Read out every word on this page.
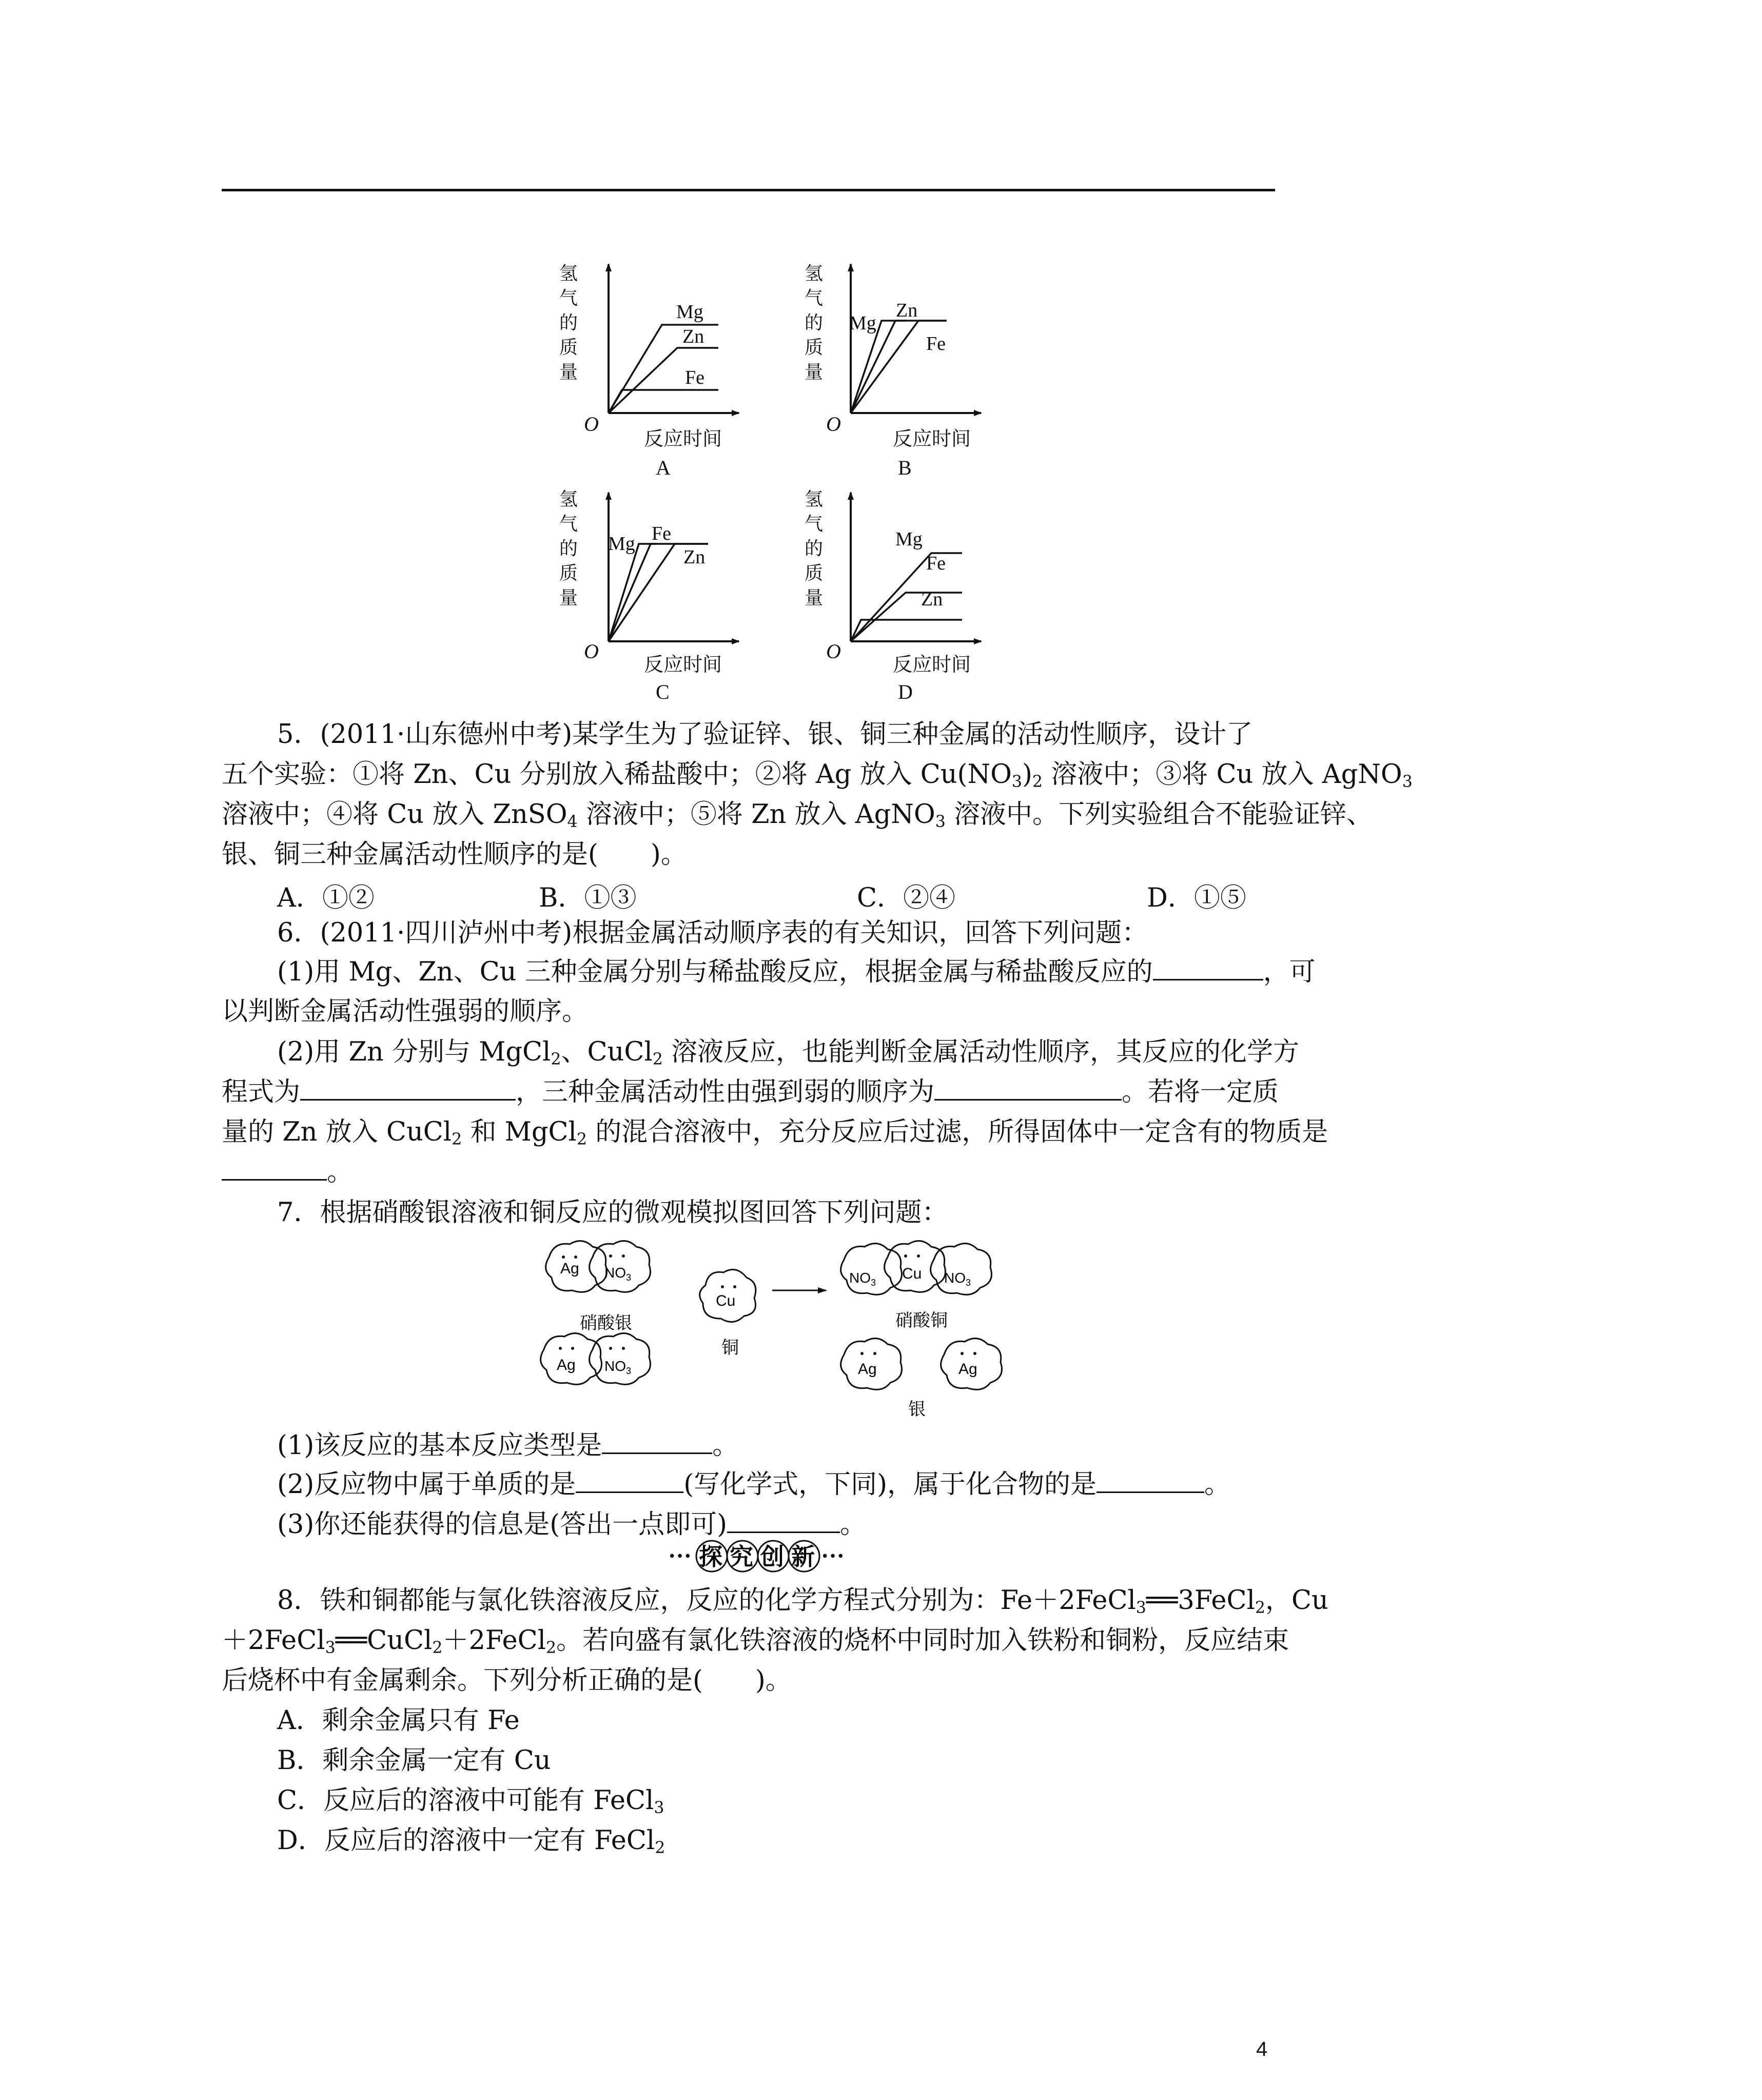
氢 气 的 质 量
O
反应时间
A
Mg
Zn
Fe
氢 气 的 质 量
O
反应时间
B
Mg
Zn
Fe
氢 气 的 质 量
O
反应时间
C
Mg Fe
Zn
氢 气 的 质 量
O
反应时间
D
Mg
Fe
Zn
5．(2011·山东德州中考)某学生为了验证锌、银、铜三种金属的活动性顺序，设计了
五个实验：①将 Zn、Cu 分别放入稀盐酸中；②将 Ag 放入 $Cu(NO_3)_2$ 溶液中；③将 Cu 放入 AgNO$_3$
溶液中；④将 Cu 放入 ZnSO$_4$ 溶液中；⑤将 Zn 放入 AgNO$_3$ 溶液中。下列实验组合不能验证锌、
银、铜三种金属活动性顺序的是(　　)。
A．①②	B．①③	C．②④	D．①⑤
6．(2011·四川泸州中考)根据金属活动顺序表的有关知识，回答下列问题：
(1)用 Mg、Zn、Cu 三种金属分别与稀盐酸反应，根据金属与稀盐酸反应的	，可
以判断金属活动性强弱的顺序。
(2)用 Zn 分别与 MgCl$_2$、CuCl$_2$ 溶液反应，也能判断金属活动性顺序，其反应的化学方
程式为	，三种金属活动性由强到弱的顺序为	。若将一定质
量的 Zn 放入 CuCl$_2$ 和 MgCl$_2$ 的混合溶液中，充分反应后过滤，所得固体中一定含有的物质是
。
7．根据硝酸银溶液和铜反应的微观模拟图回答下列问题：
Ag $NO_3$
硝酸银
Ag $NO_3$
Cu
铜
$NO_3$
Cu $NO_3$
硝酸铜
Ag	Ag
银
(1)该反应的基本反应类型是	。
(2)反应物中属于单质的是	(写化学式，下同)，属于化合物的是	。
(3)你还能获得的信息是(答出一点即可)	。
••• 探 究 创 新 •••
8．铁和铜都能与氯化铁溶液反应，反应的化学方程式分别为：Fe＋2FeCl$_3$══3FeCl$_2$，Cu
＋2FeCl$_3$══CuCl$_2$＋2FeCl$_2$。若向盛有氯化铁溶液的烧杯中同时加入铁粉和铜粉，反应结束
后烧杯中有金属剩余。下列分析正确的是(　　)。
A．剩余金属只有 Fe
B．剩余金属一定有 Cu
C．反应后的溶液中可能有 FeCl$_3$
D．反应后的溶液中一定有 FeCl$_2$
4
